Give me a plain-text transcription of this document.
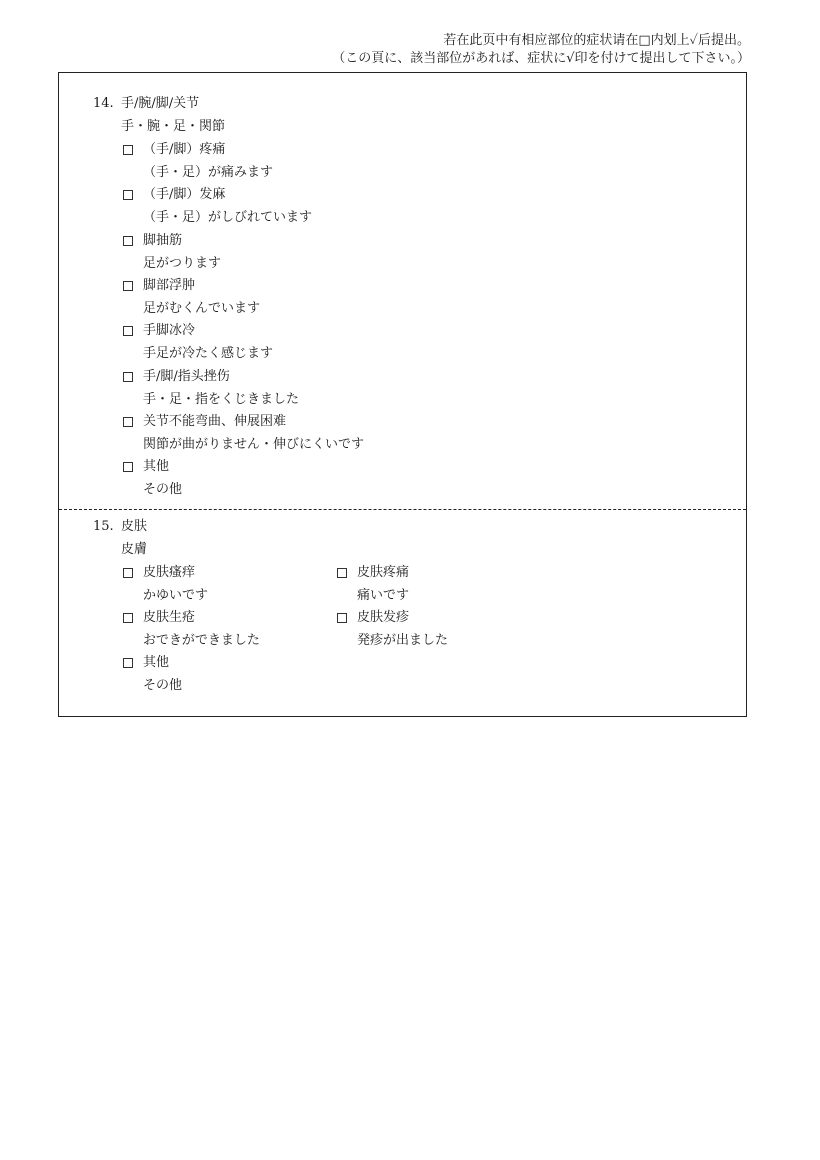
若在此页中有相应部位的症状请在□内划上✓后提出。
（この頁に、該当部位があれば、症状に√印を付けて提出して下さい。）
14. 手/腕/脚/关节
手・腕・足・関節
（手/脚）疼痛
（手・足）が痛みます
（手/脚）发麻
（手・足）がしびれています
脚抽筋
足がつります
脚部浮肿
足がむくんでいます
手脚冰冷
手足が冷たく感じます
手/脚/指头挫伤
手・足・指をくじきました
关节不能弯曲、伸展困难
関節が曲がりません・伸びにくいです
其他
その他
15. 皮肤
皮膚
皮肤瘙痒
かゆいです
皮肤疼痛
痛いです
皮肤生疮
おできができました
皮肤发疹
発疹が出ました
其他
その他
